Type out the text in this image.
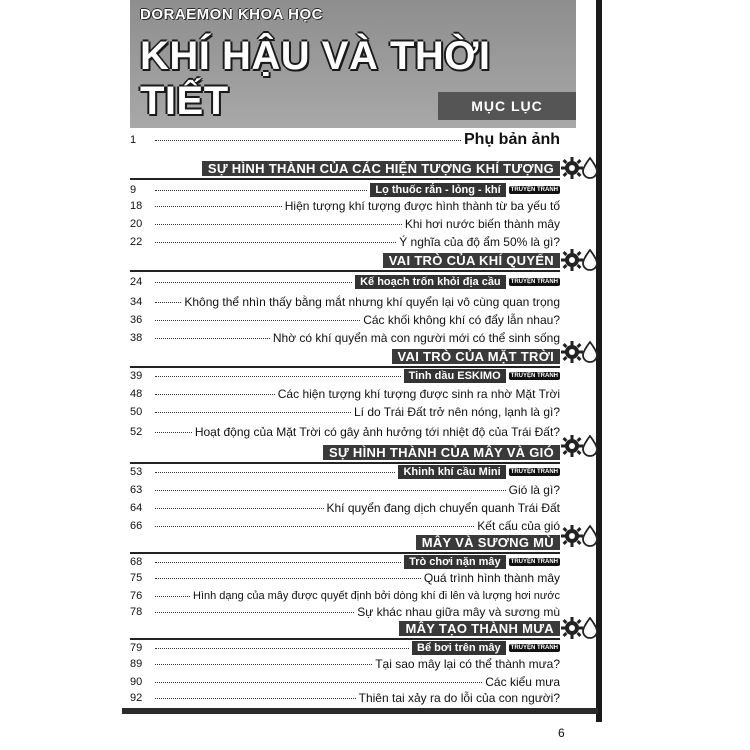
DORAEMON KHOA HỌC
KHÍ HẬU VÀ THỜI TIẾT	MỤC LỤC
1	Phụ bản ảnh
SỰ HÌNH THÀNH CỦA CÁC HIỆN TƯỢNG KHÍ TƯỢNG
9	Lọ thuốc rắn - lỏng - khí	TRUYỆN TRANH
18	Hiện tượng khí tượng được hình thành từ ba yếu tố
20	Khi hơi nước biến thành mây
22	Ý nghĩa của độ ẩm 50% là gì?
VAI TRÒ CỦA KHÍ QUYỂN
24	Kế hoạch trốn khỏi địa cầu	TRUYỆN TRANH
34	Không thể nhìn thấy bằng mắt nhưng khí quyển lại vô cùng quan trọng
36	Các khối không khí có đẩy lẫn nhau?
38	Nhờ có khí quyển mà con người mới có thể sinh sống
VAI TRÒ CỦA MẶT TRỜI
39	Tinh dầu ESKIMO	TRUYỆN TRANH
48	Các hiện tượng khí tượng được sinh ra nhờ Mặt Trời
50	Lí do Trái Đất trở nên nóng, lạnh là gì?
52	Hoạt động của Mặt Trời có gây ảnh hưởng tới nhiệt độ của Trái Đất?
SỰ HÌNH THÀNH CỦA MÂY VÀ GIÓ
53	Khinh khí cầu Mini	TRUYỆN TRANH
63	Gió là gì?
64	Khí quyển đang dịch chuyển quanh Trái Đất
66	Kết cấu của gió
MÂY VÀ SƯƠNG MÙ
68	Trò chơi nặn mây	TRUYỆN TRANH
75	Quá trình hình thành mây
76	Hình dạng của mây được quyết định bởi dòng khí đi lên và lượng hơi nước
78	Sự khác nhau giữa mây và sương mù
MÂY TẠO THÀNH MƯA
79	Bể bơi trên mây	TRUYỆN TRANH
89	Tại sao mây lại có thể thành mưa?
90	Các kiểu mưa
92	Thiên tai xảy ra do lỗi của con người?
6
